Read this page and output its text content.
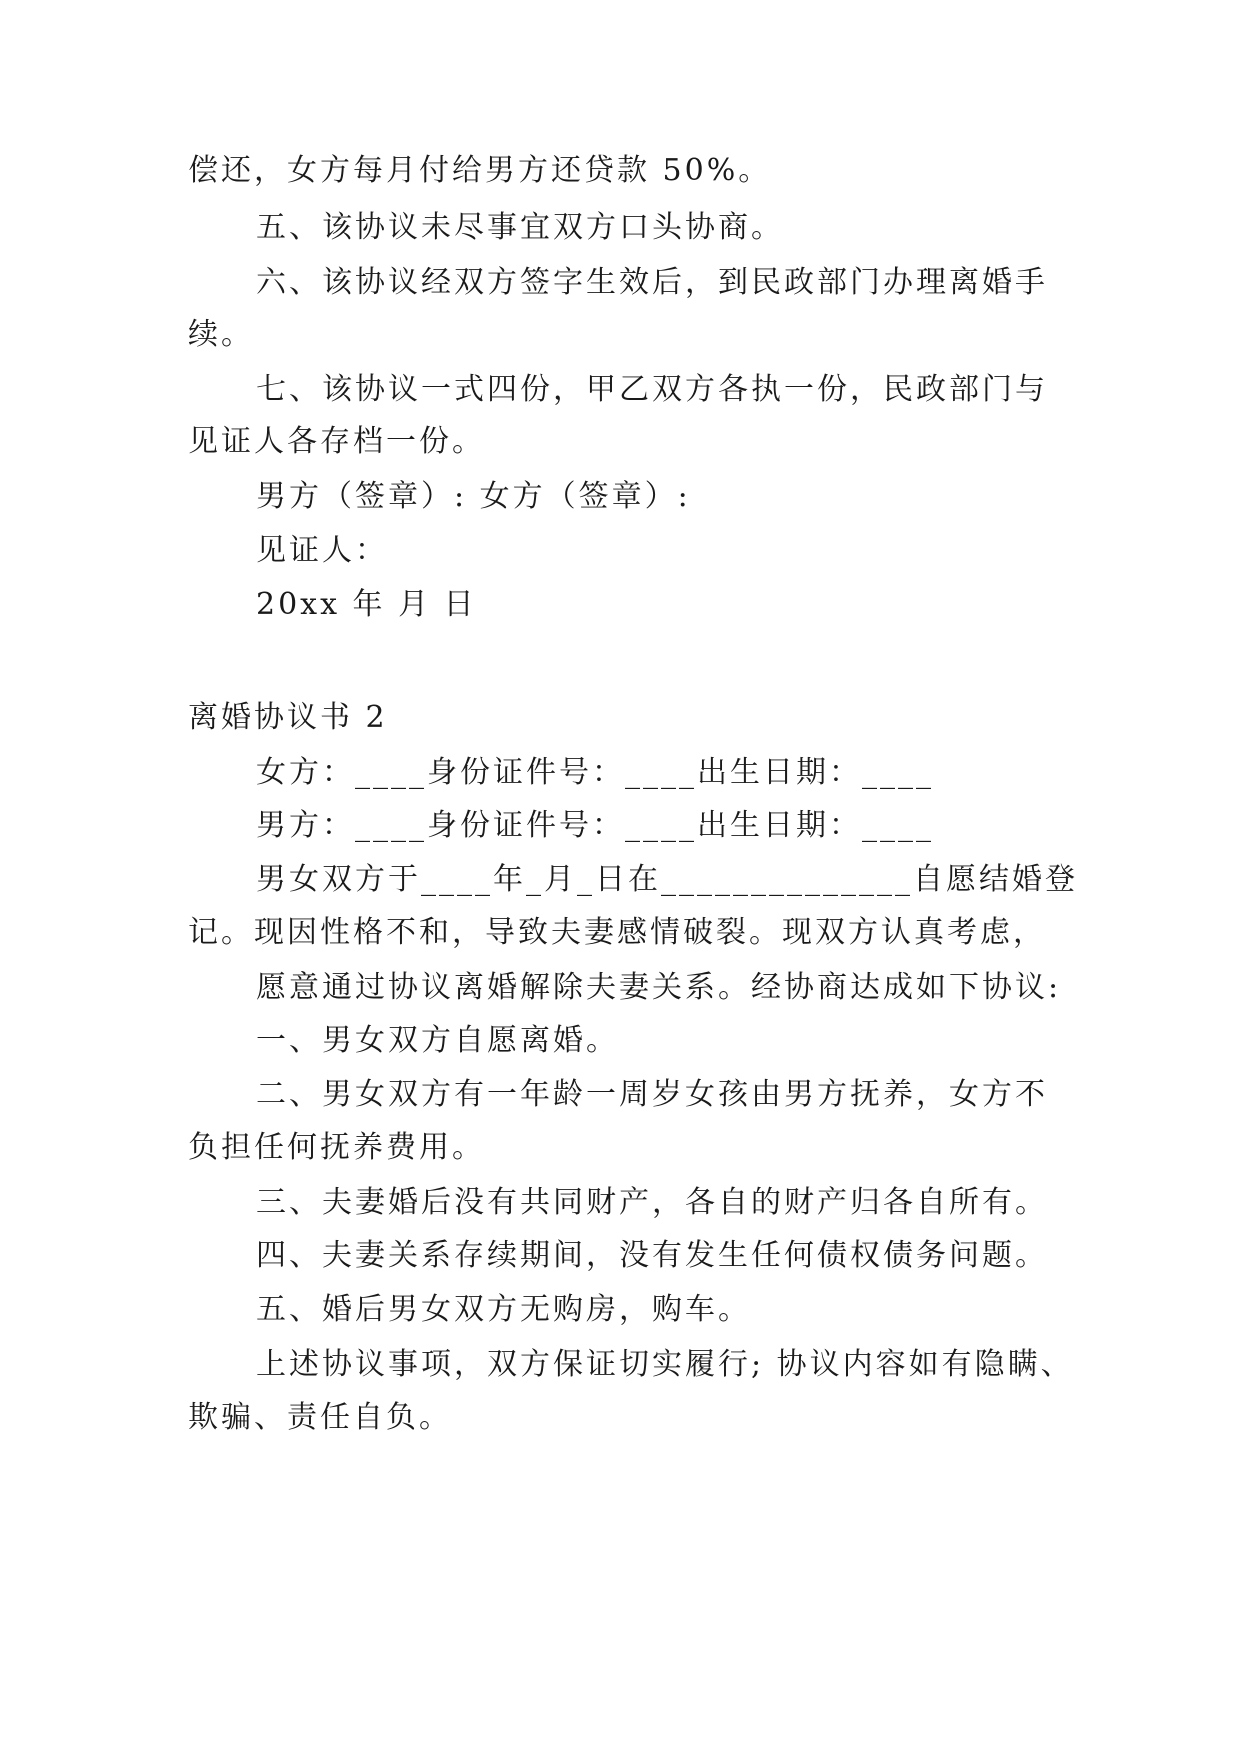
偿还，女方每月付给男方还贷款 50%。
五、该协议未尽事宜双方口头协商。
六、该协议经双方签字生效后，到民政部门办理离婚手
续。
七、该协议一式四份，甲乙双方各执一份，民政部门与
见证人各存档一份。
男方（签章）: 女方（签章）:
见证人：
20xx 年 月 日
离婚协议书 2
女方：____身份证件号：____出生日期：____
男方：____身份证件号：____出生日期：____
男女双方于____年_月_日在______________自愿结婚登
记。现因性格不和，导致夫妻感情破裂。现双方认真考虑，
愿意通过协议离婚解除夫妻关系。经协商达成如下协议:
一、男女双方自愿离婚。
二、男女双方有一年龄一周岁女孩由男方抚养，女方不
负担任何抚养费用。
三、夫妻婚后没有共同财产，各自的财产归各自所有。
四、夫妻关系存续期间，没有发生任何债权债务问题。
五、婚后男女双方无购房，购车。
上述协议事项，双方保证切实履行; 协议内容如有隐瞒、
欺骗、责任自负。
